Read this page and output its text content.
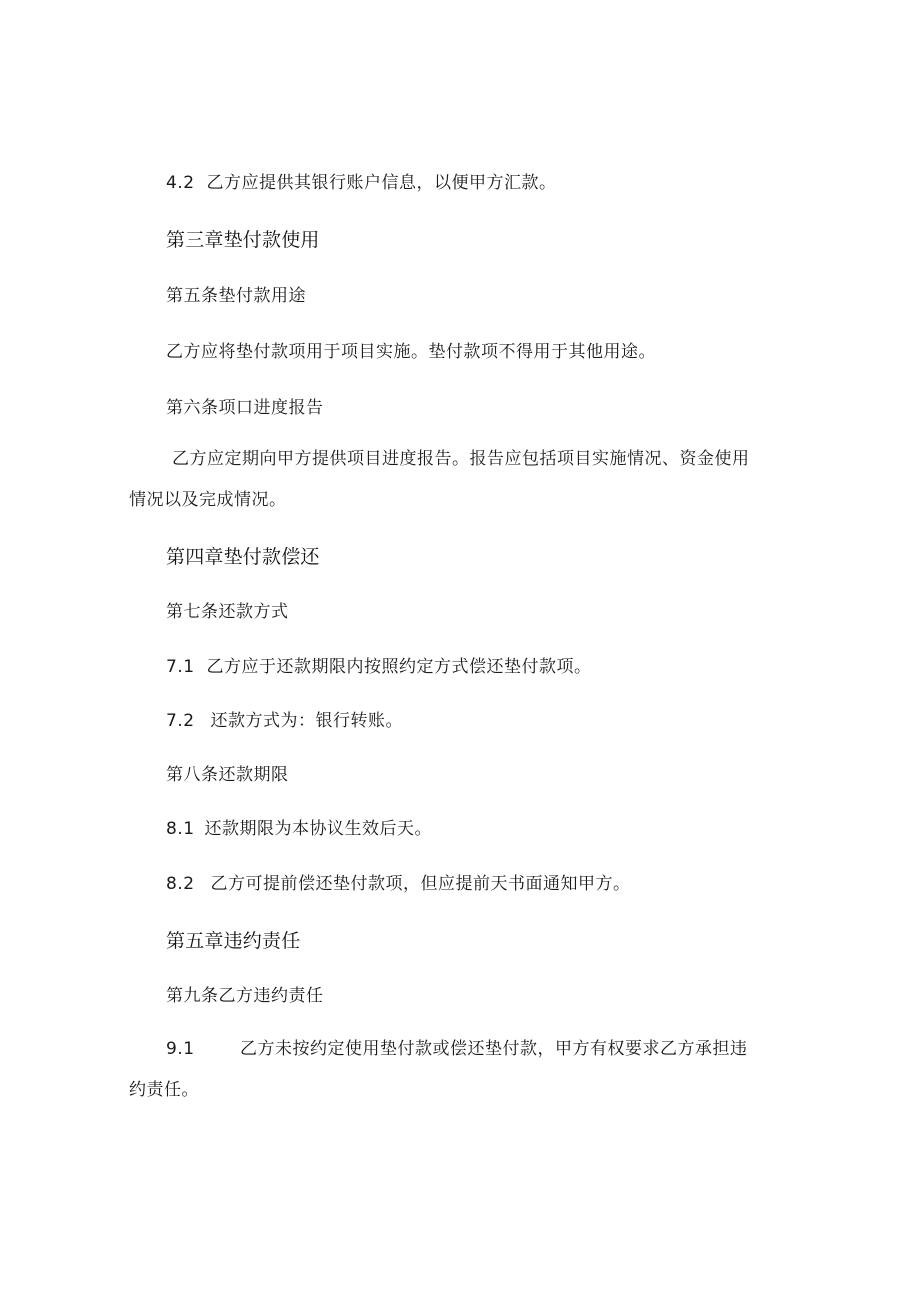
4.2 乙方应提供其银行账户信息，以便甲方汇款。
第三章垫付款使用
第五条垫付款用途
乙方应将垫付款项用于项目实施。垫付款项不得用于其他用途。
第六条项口进度报告
乙方应定期向甲方提供项目进度报告。报告应包括项目实施情况、资金使用
情况以及完成情况。
第四章垫付款偿还
第七条还款方式
7.1 乙方应于还款期限内按照约定方式偿还垫付款项。
7.2 还款方式为：银行转账。
第八条还款期限
8.1 还款期限为本协议生效后天。
8.2 乙方可提前偿还垫付款项，但应提前天书面通知甲方。
第五章违约责任
第九条乙方违约责任
9.1	乙方未按约定使用垫付款或偿还垫付款，甲方有权要求乙方承担违
约责任。
